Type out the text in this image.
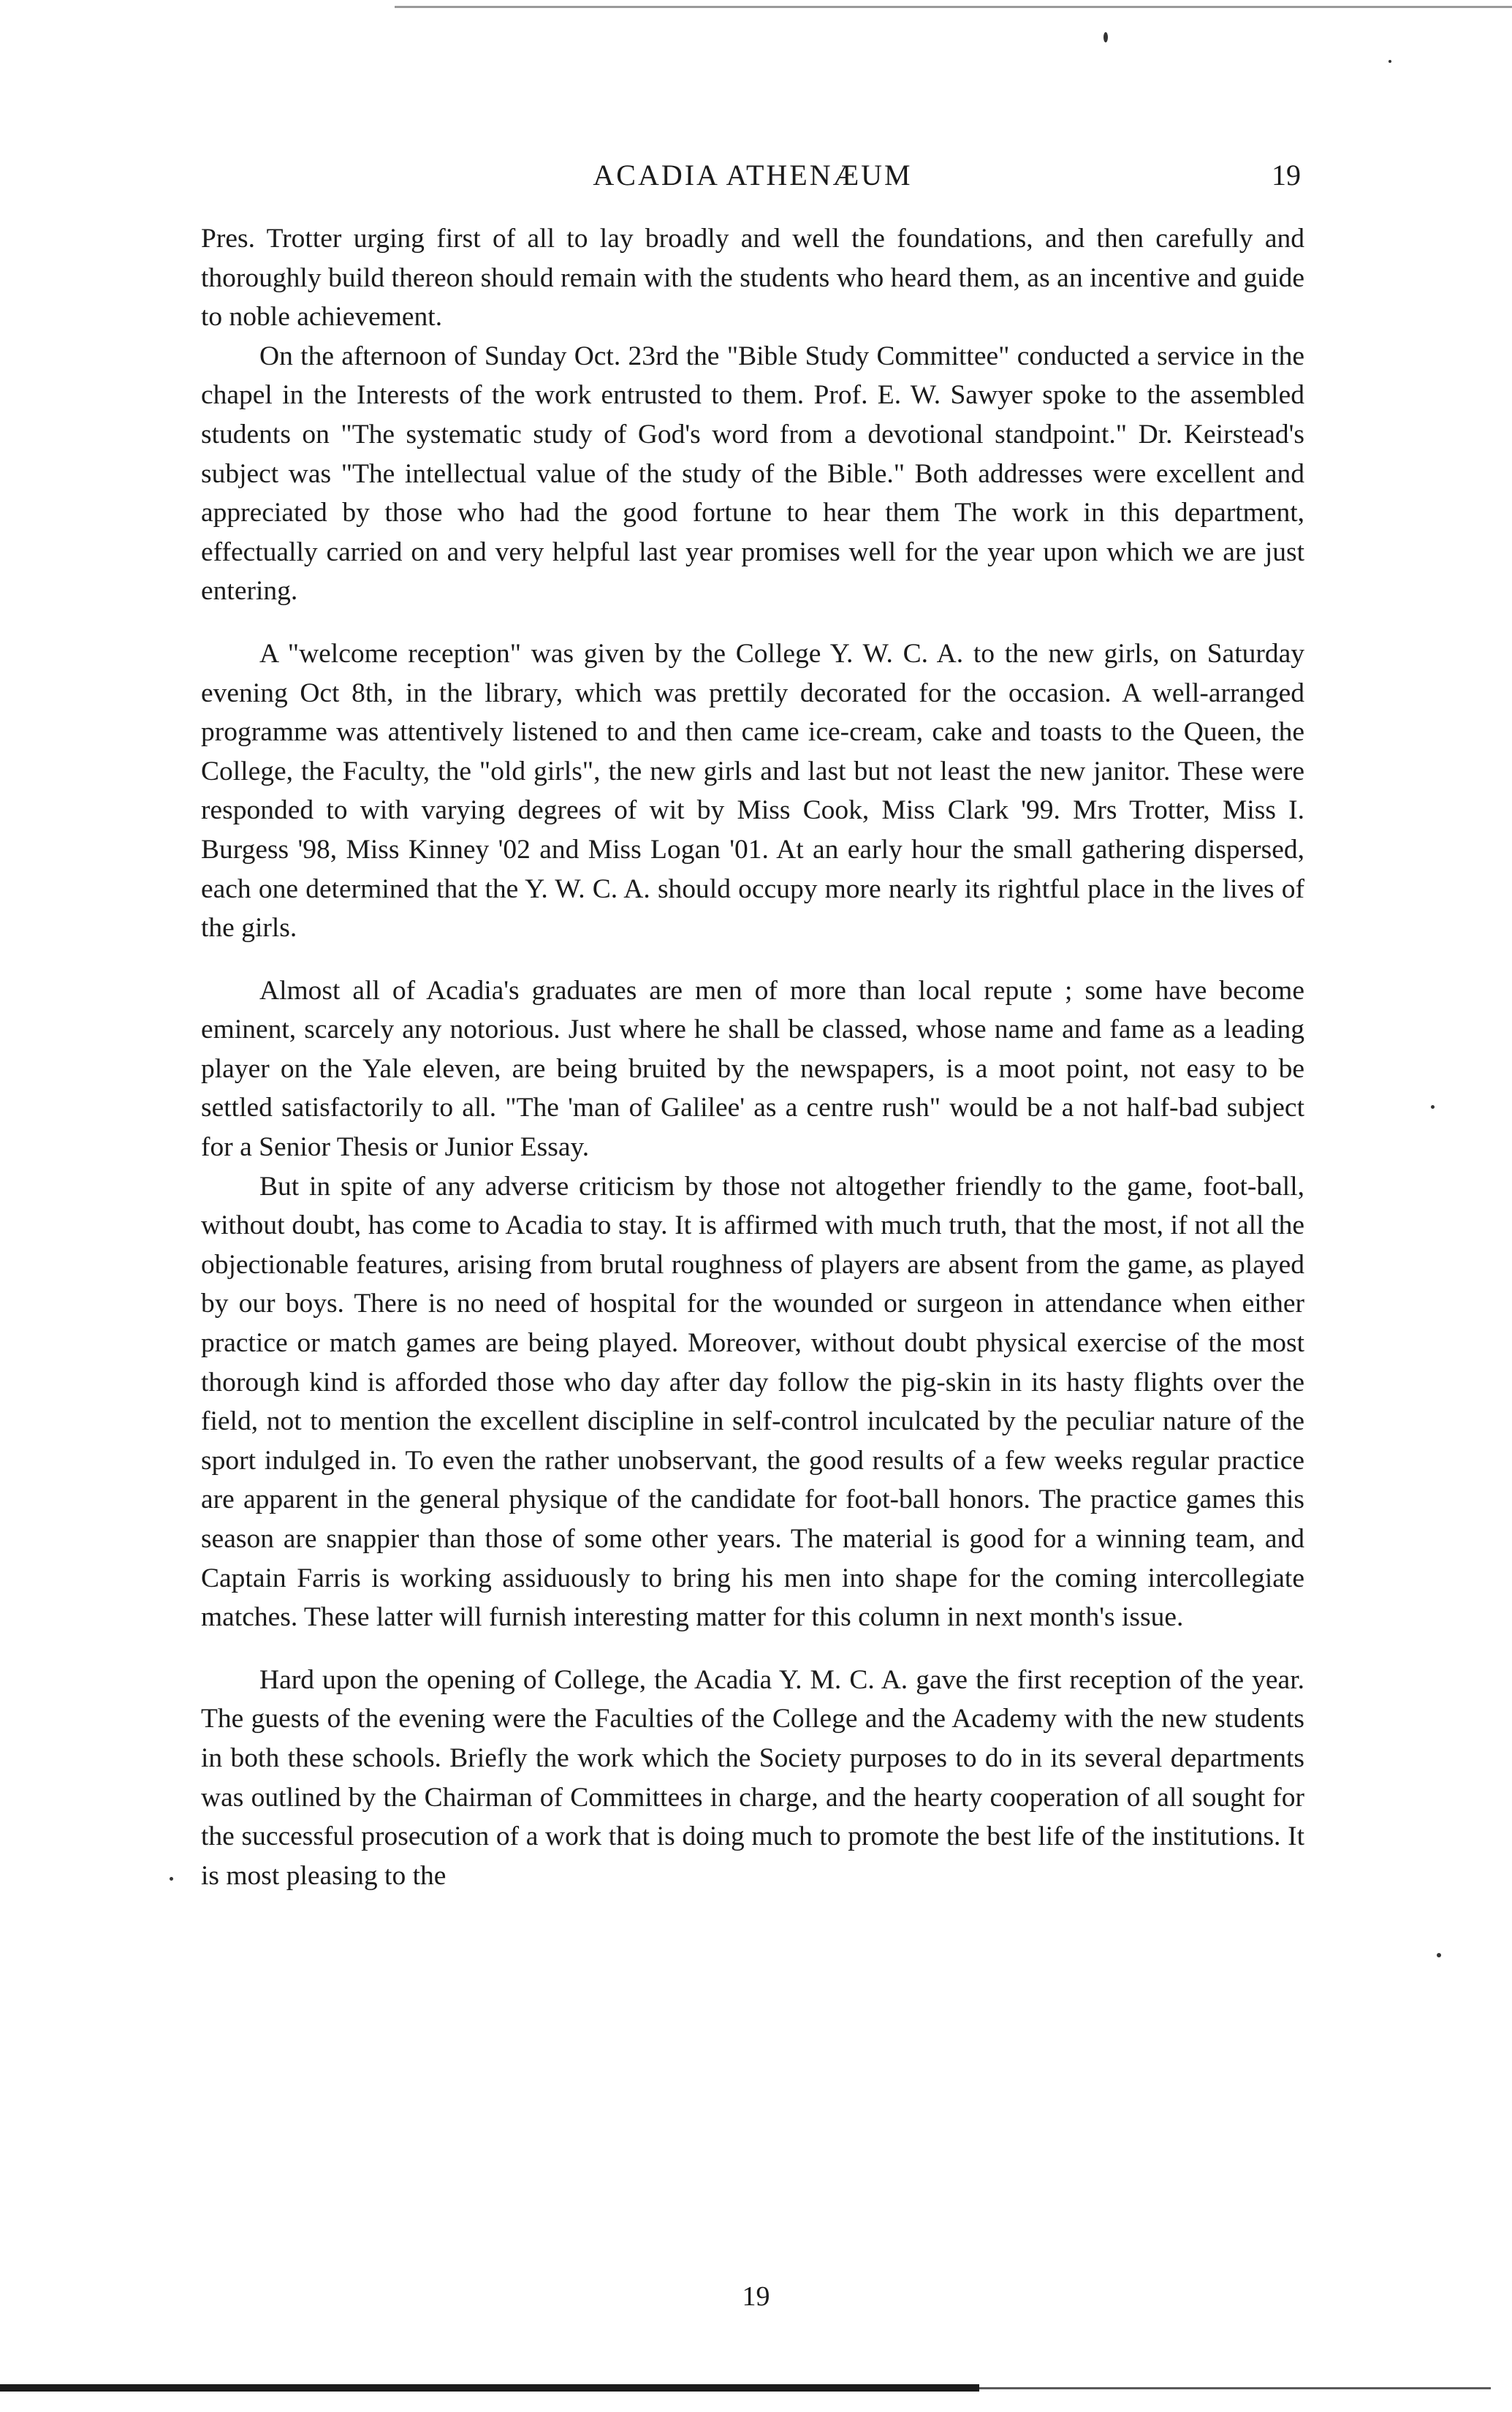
ACADIA ATHENÆUM	19

Pres. Trotter urging first of all to lay broadly and well the foundations, and then carefully and thoroughly build thereon should remain with the students who heard them, as an incentive and guide to noble achievement.

On the afternoon of Sunday Oct. 23rd the "Bible Study Committee" conducted a service in the chapel in the Interests of the work entrusted to them. Prof. E. W. Sawyer spoke to the assembled students on "The systematic study of God's word from a devotional standpoint." Dr. Keirstead's subject was "The intellectual value of the study of the Bible." Both addresses were excellent and appreciated by those who had the good fortune to hear them The work in this department, effectually carried on and very helpful last year promises well for the year upon which we are just entering.

A "welcome reception" was given by the College Y. W. C. A. to the new girls, on Saturday evening Oct 8th, in the library, which was prettily decorated for the occasion. A well-arranged programme was attentively listened to and then came ice-cream, cake and toasts to the Queen, the College, the Faculty, the "old girls", the new girls and last but not least the new janitor. These were responded to with varying degrees of wit by Miss Cook, Miss Clark '99. Mrs Trotter, Miss I. Burgess '98, Miss Kinney '02 and Miss Logan '01. At an early hour the small gathering dispersed, each one determined that the Y. W. C. A. should occupy more nearly its rightful place in the lives of the girls.

Almost all of Acadia's graduates are men of more than local repute ; some have become eminent, scarcely any notorious. Just where he shall be classed, whose name and fame as a leading player on the Yale eleven, are being bruited by the newspapers, is a moot point, not easy to be settled satisfactorily to all. "The 'man of Galilee' as a centre rush" would be a not half-bad subject for a Senior Thesis or Junior Essay.

But in spite of any adverse criticism by those not altogether friendly to the game, foot-ball, without doubt, has come to Acadia to stay. It is affirmed with much truth, that the most, if not all the objectionable features, arising from brutal roughness of players are absent from the game, as played by our boys. There is no need of hospital for the wounded or surgeon in attendance when either practice or match games are being played. Moreover, without doubt physical exercise of the most thorough kind is afforded those who day after day follow the pig-skin in its hasty flights over the field, not to mention the excellent discipline in self-control inculcated by the peculiar nature of the sport indulged in. To even the rather unobservant, the good results of a few weeks regular practice are apparent in the general physique of the candidate for foot-ball honors. The practice games this season are snappier than those of some other years. The material is good for a winning team, and Captain Farris is working assiduously to bring his men into shape for the coming intercollegiate matches. These latter will furnish interesting matter for this column in next month's issue.

Hard upon the opening of College, the Acadia Y. M. C. A. gave the first reception of the year. The guests of the evening were the Faculties of the College and the Academy with the new students in both these schools. Briefly the work which the Society purposes to do in its several departments was outlined by the Chairman of Committees in charge, and the hearty cooperation of all sought for the successful prosecution of a work that is doing much to promote the best life of the institutions. It is most pleasing to the

19
